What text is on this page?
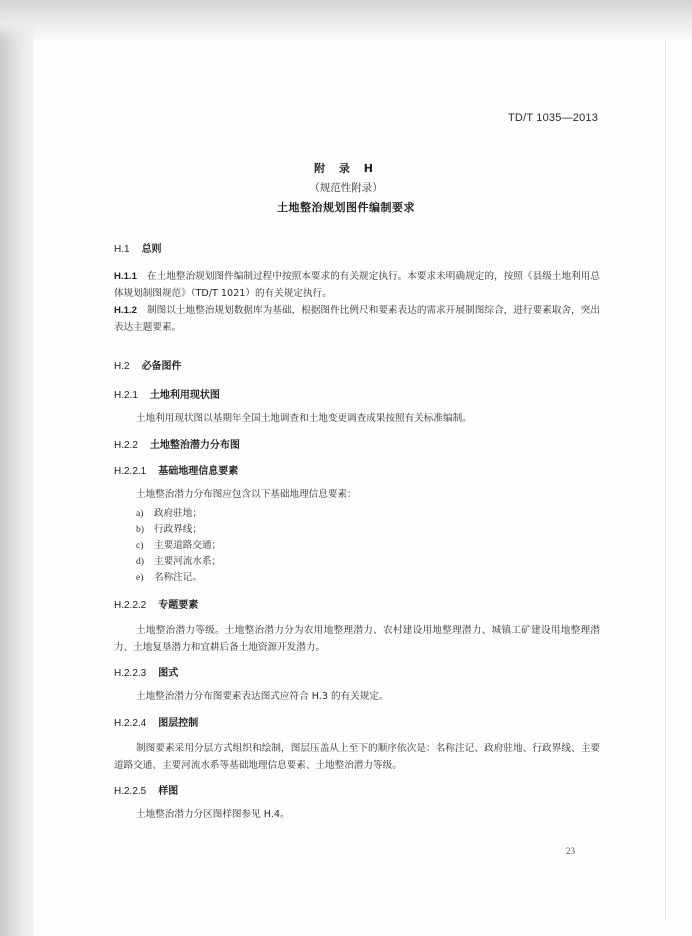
TD/T 1035—2013
附 录 H
（规范性附录）
土地整治规划图件编制要求
H.1 总则
H.1.1 在土地整治规划图件编制过程中按照本要求的有关规定执行。本要求未明确规定的，按照《县级土地利用总体规划制图规范》（TD/T 1021）的有关规定执行。
H.1.2 制图以土地整治规划数据库为基础，根据图件比例尺和要素表达的需求开展制图综合，进行要素取舍，突出表达主题要素。
H.2 必备图件
H.2.1 土地利用现状图
土地利用现状图以基期年全国土地调查和土地变更调查成果按照有关标准编制。
H.2.2 土地整治潜力分布图
H.2.2.1 基础地理信息要素
土地整治潜力分布图应包含以下基础地理信息要素：
a) 政府驻地；
b) 行政界线；
c) 主要道路交通；
d) 主要河流水系；
e) 名称注记。
H.2.2.2 专题要素
土地整治潜力等级。土地整治潜力分为农用地整理潜力、农村建设用地整理潜力、城镇工矿建设用地整理潜力、土地复垦潜力和宜耕后备土地资源开发潜力。
H.2.2.3 图式
土地整治潜力分布图要素表达图式应符合 H.3 的有关规定。
H.2.2.4 图层控制
制图要素采用分层方式组织和绘制，图层压盖从上至下的顺序依次是：名称注记、政府驻地、行政界线、主要道路交通、主要河流水系等基础地理信息要素、土地整治潜力等级。
H.2.2.5 样图
土地整治潜力分区图样图参见 H.4。
23
